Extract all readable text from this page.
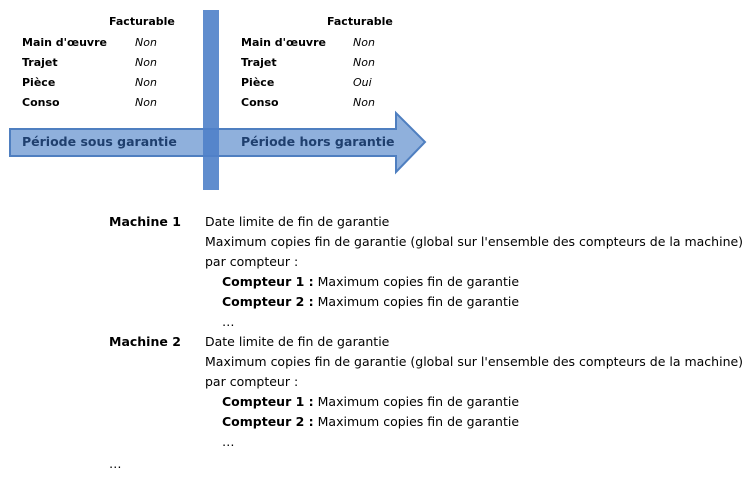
Période sous garantie	Période hors garantie
Facturable
Main d'œuvre	Non
Trajet	Non
Pièce	Non
Conso	Non
Facturable
Main d'œuvre Non
Trajet	Non
Pièce	Oui
Conso	Non
Machine 1 Date limite de fin de garantie
Maximum copies fin de garantie (global sur l'ensemble des compteurs de la machine)
par compteur :
Compteur 1 : Maximum copies fin de garantie
Compteur 2 : Maximum copies fin de garantie
…
Machine 2 Date limite de fin de garantie
Maximum copies fin de garantie (global sur l'ensemble des compteurs de la machine)
par compteur :
Compteur 1 : Maximum copies fin de garantie
Compteur 2 : Maximum copies fin de garantie
…
…
